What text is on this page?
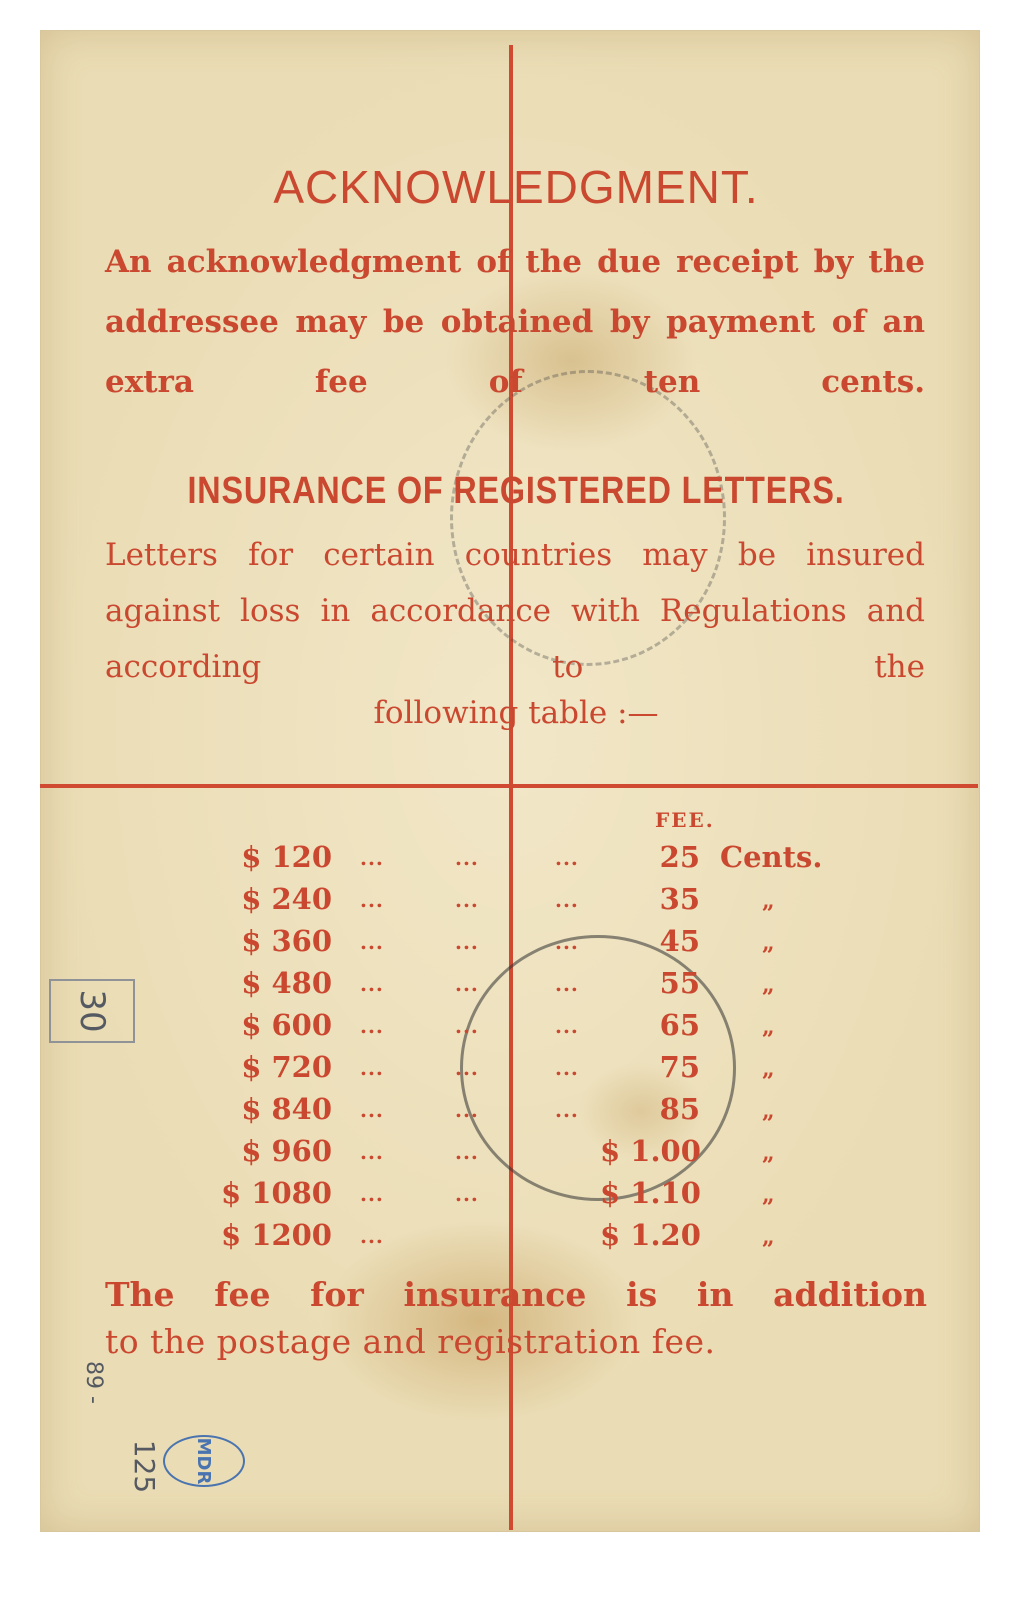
ACKNOWLEDGMENT.
An acknowledgment of the due receipt by the addressee may be obtained by payment of an extra fee of ten cents.
INSURANCE OF REGISTERED LETTERS.
Letters for certain countries may be insured against loss in accordance with Regulations and according to the
following table :—
FEE.
$ 120 ...	...	...	25 Cents.
$ 240 ...	...	...	35	„
$ 360 ...	...	...	45	„
$ 480 ...	...	...	55	„
$ 600 ...	...	...	65	„
$ 720 ...	...	...	75	„
$ 840 ...	...	...	85	„
$ 960 ...	...	$ 1.00	„
$ 1080 ...	...	$ 1.10	„
$ 1200 ...	$ 1.20	„
The fee for insurance is in addition
to the postage and registration fee.
30
89 -
125	MDR
